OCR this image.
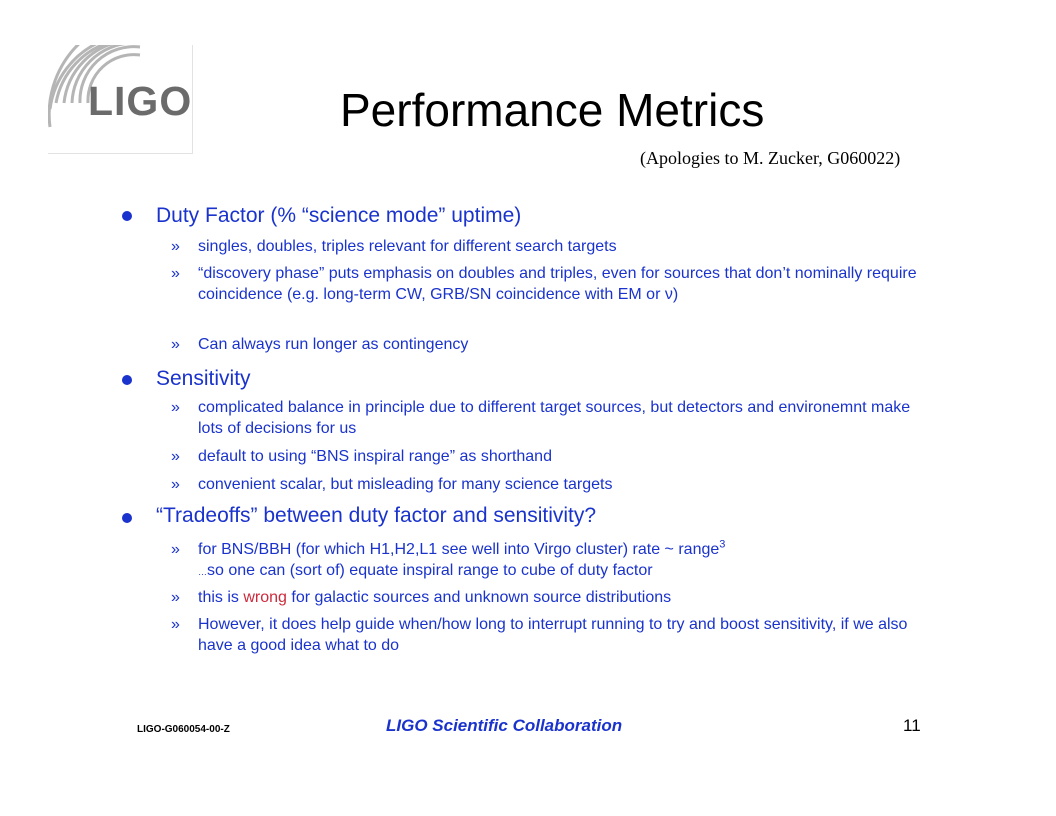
LIGO	Performance Metrics
(Apologies to M. Zucker, G060022)
Duty Factor (% “science mode” uptime)
» singles, doubles, triples relevant for different search targets
» “discovery phase” puts emphasis on doubles and triples, even for sources that don’t nominally require coincidence (e.g. long-term CW, GRB/SN coincidence with EM or ν)
» Can always run longer as contingency
Sensitivity
» complicated balance in principle due to different target sources, but detectors and environemnt make lots of decisions for us
» default to using “BNS inspiral range” as shorthand
» convenient scalar, but misleading for many science targets
“Tradeoffs” between duty factor and sensitivity?
» for BNS/BBH (for which H1,H2,L1 see well into Virgo cluster) rate ~ range$^3$
…so one can (sort of) equate inspiral range to cube of duty factor
» this is wrong for galactic sources and unknown source distributions
» However, it does help guide when/how long to interrupt running to try and boost sensitivity, if we also have a good idea what to do
LIGO-G060054-00-Z	LIGO Scientific Collaboration	11
